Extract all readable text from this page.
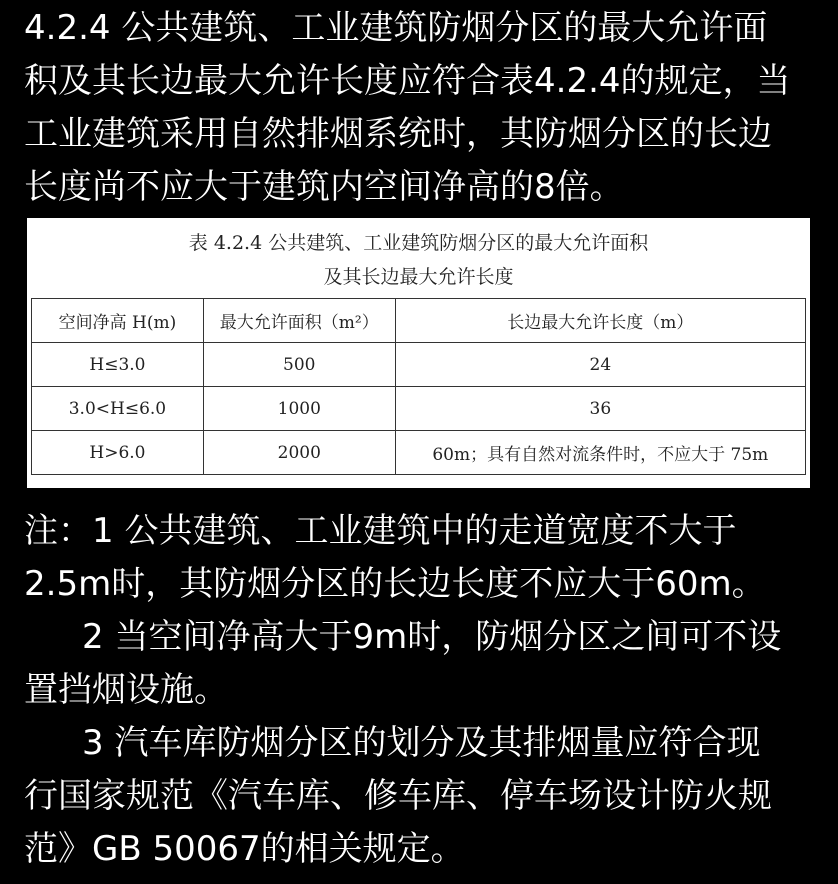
4.2.4 公共建筑、工业建筑防烟分区的最大允许面
积及其长边最大允许长度应符合表4.2.4的规定，当
工业建筑采用自然排烟系统时，其防烟分区的长边
长度尚不应大于建筑内空间净高的8倍。
表 4.2.4 公共建筑、工业建筑防烟分区的最大允许面积
及其长边最大允许长度
空间净高 H(m)	最大允许面积（m²）	长边最大允许长度（m）
H≤3.0	500	24
3.0<H≤6.0	1000	36
H>6.0	2000	60m；具有自然对流条件时，不应大于 75m
注：1 公共建筑、工业建筑中的走道宽度不大于
2.5m时，其防烟分区的长边长度不应大于60m。
2 当空间净高大于9m时，防烟分区之间可不设
置挡烟设施。
3 汽车库防烟分区的划分及其排烟量应符合现
行国家规范《汽车库、修车库、停车场设计防火规
范》GB 50067的相关规定。
